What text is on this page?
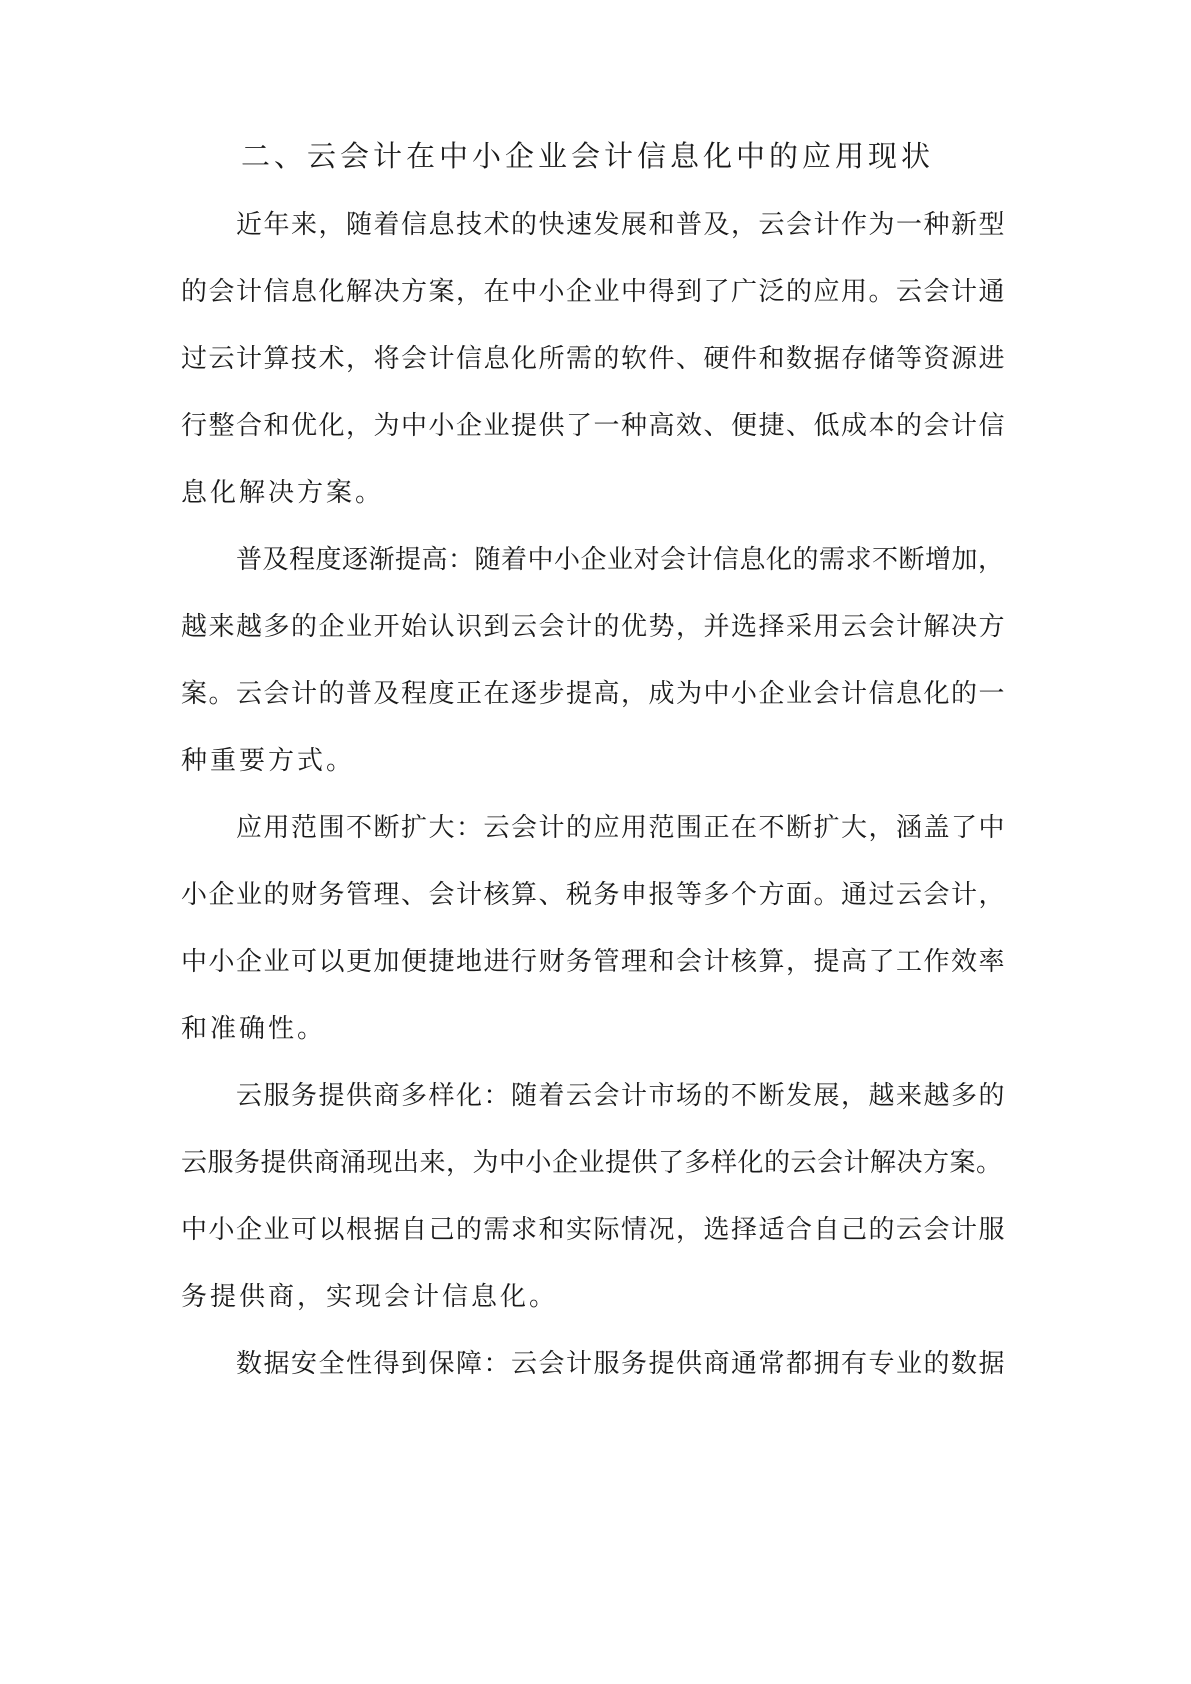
二、云会计在中小企业会计信息化中的应用现状
近年来，随着信息技术的快速发展和普及，云会计作为一种新型
的会计信息化解决方案，在中小企业中得到了广泛的应用。云会计通
过云计算技术，将会计信息化所需的软件、硬件和数据存储等资源进
行整合和优化，为中小企业提供了一种高效、便捷、低成本的会计信
息化解决方案。
普及程度逐渐提高：随着中小企业对会计信息化的需求不断增加，
越来越多的企业开始认识到云会计的优势，并选择采用云会计解决方
案。云会计的普及程度正在逐步提高，成为中小企业会计信息化的一
种重要方式。
应用范围不断扩大：云会计的应用范围正在不断扩大，涵盖了中
小企业的财务管理、会计核算、税务申报等多个方面。通过云会计，
中小企业可以更加便捷地进行财务管理和会计核算，提高了工作效率
和准确性。
云服务提供商多样化：随着云会计市场的不断发展，越来越多的
云服务提供商涌现出来，为中小企业提供了多样化的云会计解决方案。
中小企业可以根据自己的需求和实际情况，选择适合自己的云会计服
务提供商，实现会计信息化。
数据安全性得到保障：云会计服务提供商通常都拥有专业的数据
